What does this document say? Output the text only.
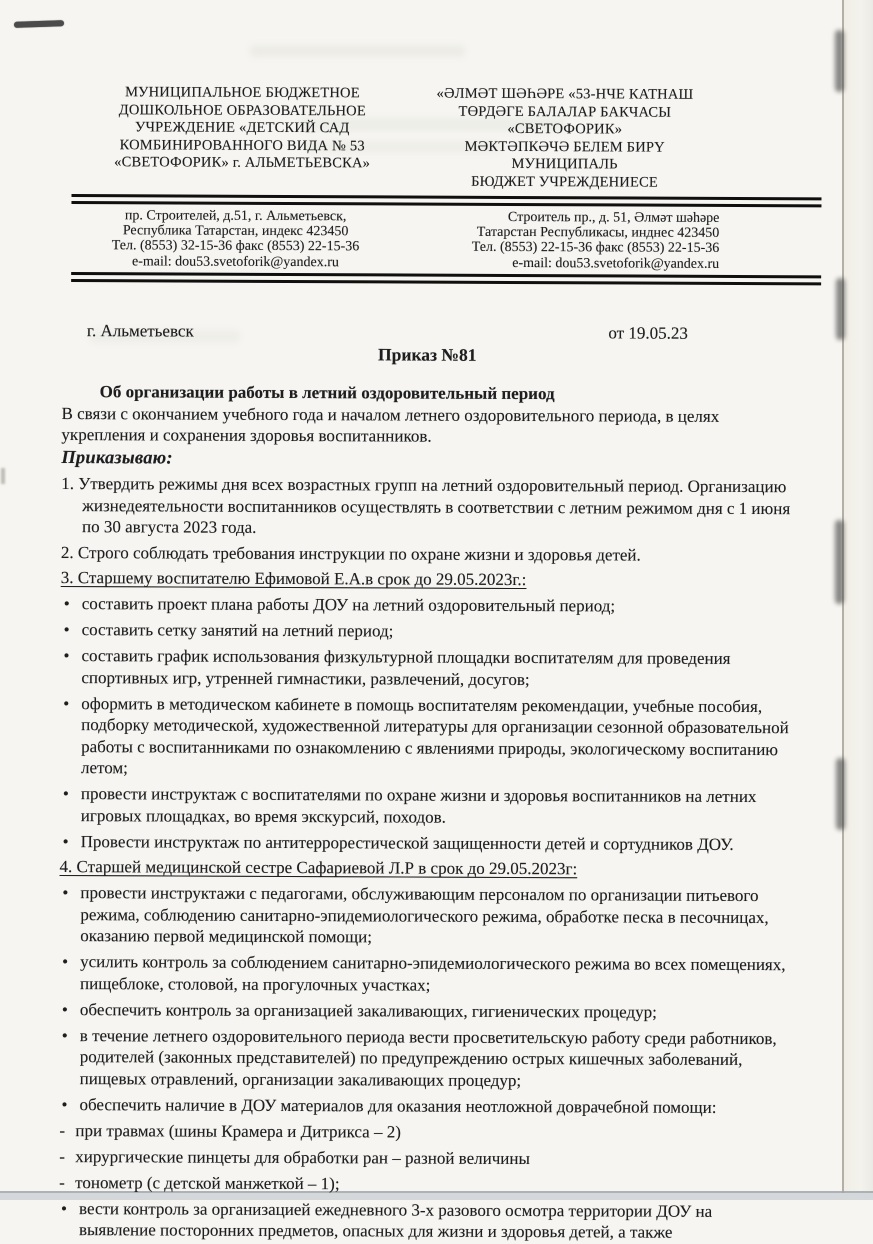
МУНИЦИПАЛЬНОЕ БЮДЖЕТНОЕ
ДОШКОЛЬНОЕ ОБРАЗОВАТЕЛЬНОЕ
УЧРЕЖДЕНИЕ «ДЕТСКИЙ САД
КОМБИНИРОВАННОГО ВИДА № 53
«СВЕТОФОРИК» г. АЛЬМЕТЬЕВСКА»
«ӘЛМӘТ ШӘҺӘРЕ «53-НЧЕ КАТНАШ
ТӨРДӘГЕ БАЛАЛАР БАКЧАСЫ «СВЕТОФОРИК»
МӘКТӘПКӘЧӘ БЕЛЕМ БИРҮ МУНИЦИПАЛЬ
БЮДЖЕТ УЧРЕЖДЕНИЕСЕ
пр. Строителей, д.51, г. Альметьевск,
Республика Татарстан, индекс 423450
Тел. (8553) 32-15-36 факс (8553) 22-15-36
e-mail: dou53.svetoforik@yandex.ru
Строитель пр., д. 51, Әлмәт шәһәре
Татарстан Республикасы, инднес 423450
Тел. (8553) 22-15-36 факс (8553) 22-15-36
e-mail: dou53.svetoforik@yandex.ru
г. Альметьевск	от 19.05.23
Приказ №81
Об организации работы в летний оздоровительный период
В связи с окончанием учебного года и началом летнего оздоровительного периода, в целях укрепления и сохранения здоровья воспитанников.
Приказываю:
1. Утвердить режимы дня всех возрастных групп на летний оздоровительный период. Организацию жизнедеятельности воспитанников осуществлять в соответствии с летним режимом дня с 1 июня по 30 августа 2023 года.
2. Строго соблюдать требования инструкции по охране жизни и здоровья детей.
3. Старшему воспитателю Ефимовой Е.А.в срок до 29.05.2023г.:
• составить проект плана работы ДОУ на летний оздоровительный период;
• составить сетку занятий на летний период;
• составить график использования физкультурной площадки воспитателям для проведения спортивных игр, утренней гимнастики, развлечений, досугов;
• оформить в методическом кабинете в помощь воспитателям рекомендации, учебные пособия, подборку методической, художественной литературы для организации сезонной образовательной работы с воспитанниками по ознакомлению с явлениями природы, экологическому воспитанию летом;
• провести инструктаж с воспитателями по охране жизни и здоровья воспитанников на летних игровых площадках, во время экскурсий, походов.
• Провести инструктаж по антитеррорестической защищенности детей и сортудников ДОУ.
4. Старшей медицинской сестре Сафариевой Л.Р в срок до 29.05.2023г:
• провести инструктажи с педагогами, обслуживающим персоналом по организации питьевого режима, соблюдению санитарно-эпидемиологического режима, обработке песка в песочницах, оказанию первой медицинской помощи;
• усилить контроль за соблюдением санитарно-эпидемиологического режима во всех помещениях, пищеблоке, столовой, на прогулочных участках;
• обеспечить контроль за организацией закаливающих, гигиенических процедур;
• в течение летнего оздоровительного периода вести просветительскую работу среди работников, родителей (законных представителей) по предупреждению острых кишечных заболеваний, пищевых отравлений, организации закаливающих процедур;
• обеспечить наличие в ДОУ материалов для оказания неотложной доврачебной помощи:
- при травмах (шины Крамера и Дитрикса – 2)
- хирургические пинцеты для обработки ран – разной величины
- тонометр (с детской манжеткой – 1);
• вести контроль за организацией ежедневного 3-х разового осмотра территории ДОУ на выявление посторонних предметов, опасных для жизни и здоровья детей, а также
